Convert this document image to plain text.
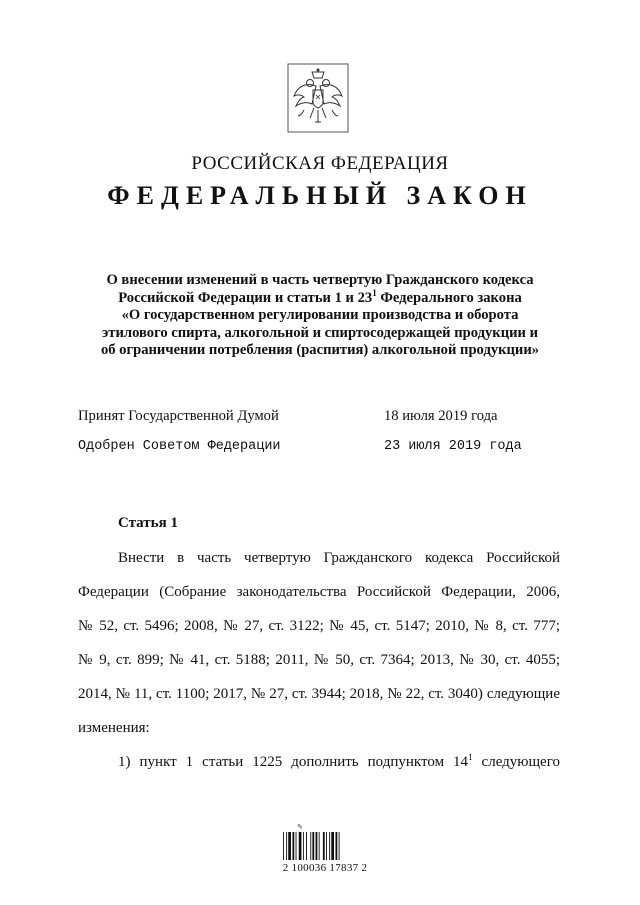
РОССИЙСКАЯ ФЕДЕРАЦИЯ
ФЕДЕРАЛЬНЫЙ ЗАКОН
О внесении изменений в часть четвертую Гражданского кодекса
Российской Федерации и статьи 1 и $23^1$ Федерального закона
«О государственном регулировании производства и оборота
этилового спирта, алкогольной и спиртосодержащей продукции и
об ограничении потребления (распития) алкогольной продукции»
Принят Государственной Думой	18 июля 2019 года
Одобрен Советом Федерации	23 июля 2019 года
Статья 1
Внести в часть четвертую Гражданского кодекса Российской
Федерации (Собрание законодательства Российской Федерации, 2006,
№ 52, ст. 5496; 2008, № 27, ст. 3122; № 45, ст. 5147; 2010, № 8, ст. 777;
№ 9, ст. 899; № 41, ст. 5188; 2011, № 50, ст. 7364; 2013, № 30, ст. 4055;
2014, № 11, ст. 1100; 2017, № 27, ст. 3944; 2018, № 22, ст. 3040) следующие
изменения:
1) пункт 1 статьи 1225 дополнить подпунктом $14^1$ следующего
✎
2 100036 17837 2
